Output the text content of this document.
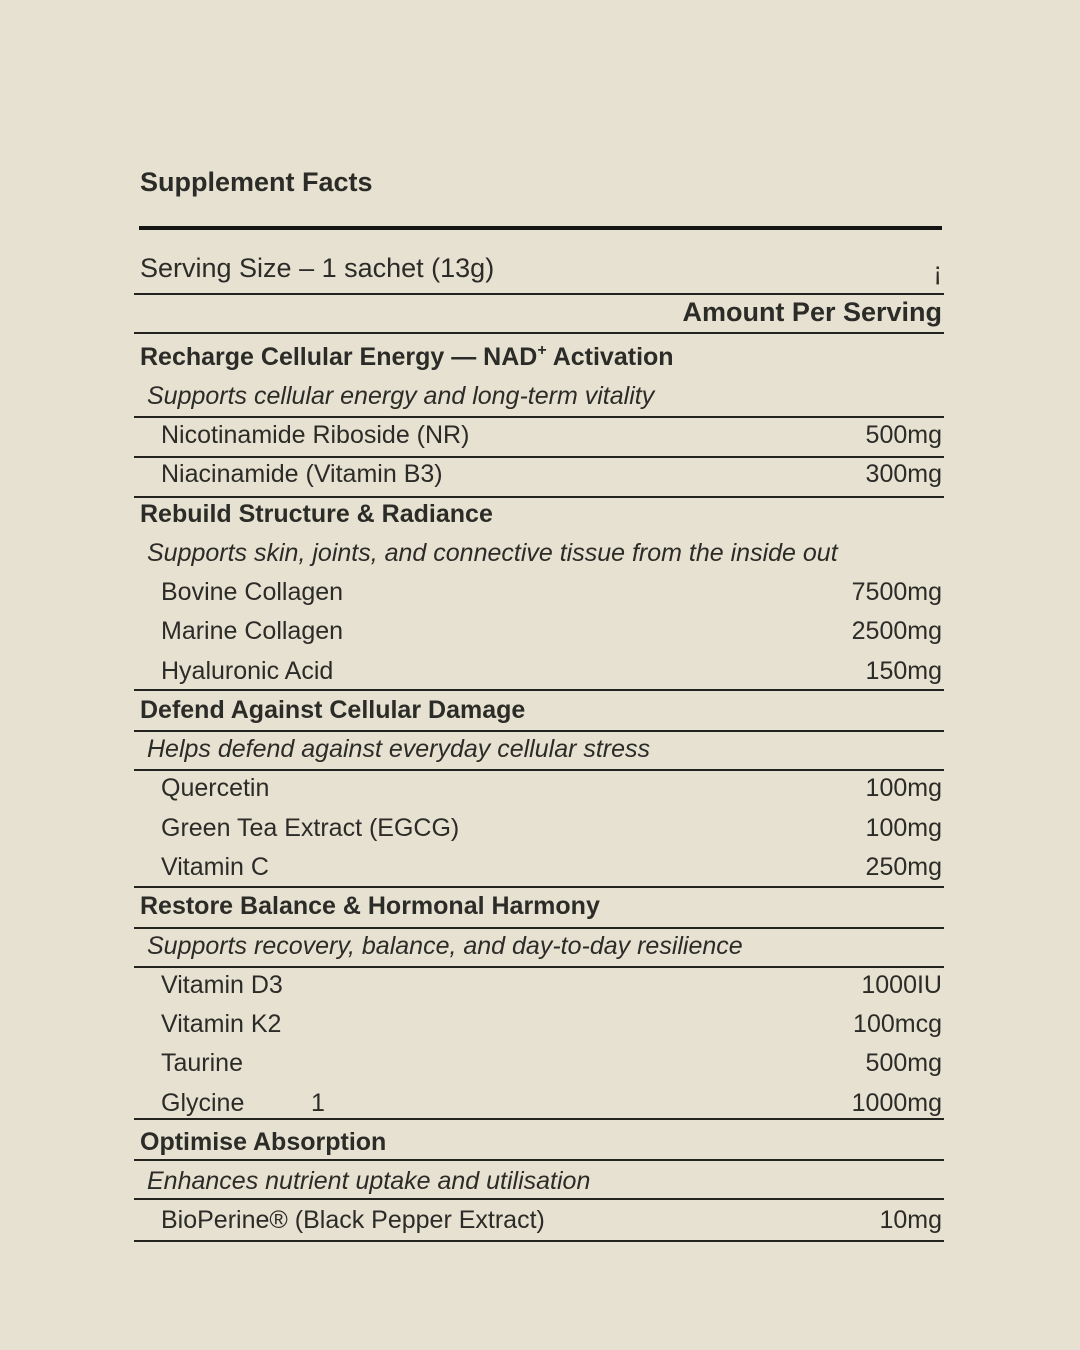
Supplement Facts
Serving Size – 1 sachet (13g)	¡
Amount Per Serving
Recharge Cellular Energy — NAD+ Activation
Supports cellular energy and long-term vitality
Nicotinamide Riboside (NR)	500mg
Niacinamide (Vitamin B3)	300mg
Rebuild Structure & Radiance
Supports skin, joints, and connective tissue from the inside out
Bovine Collagen	7500mg
Marine Collagen	2500mg
Hyaluronic Acid	150mg
Defend Against Cellular Damage
Helps defend against everyday cellular stress
Quercetin	100mg
Green Tea Extract (EGCG)	100mg
Vitamin C	250mg
Restore Balance & Hormonal Harmony
Supports recovery, balance, and day-to-day resilience
Vitamin D3	1000IU
Vitamin K2	100mcg
Taurine	500mg
Glycine	1	1000mg
Optimise Absorption
Enhances nutrient uptake and utilisation
BioPerine® (Black Pepper Extract)	10mg
